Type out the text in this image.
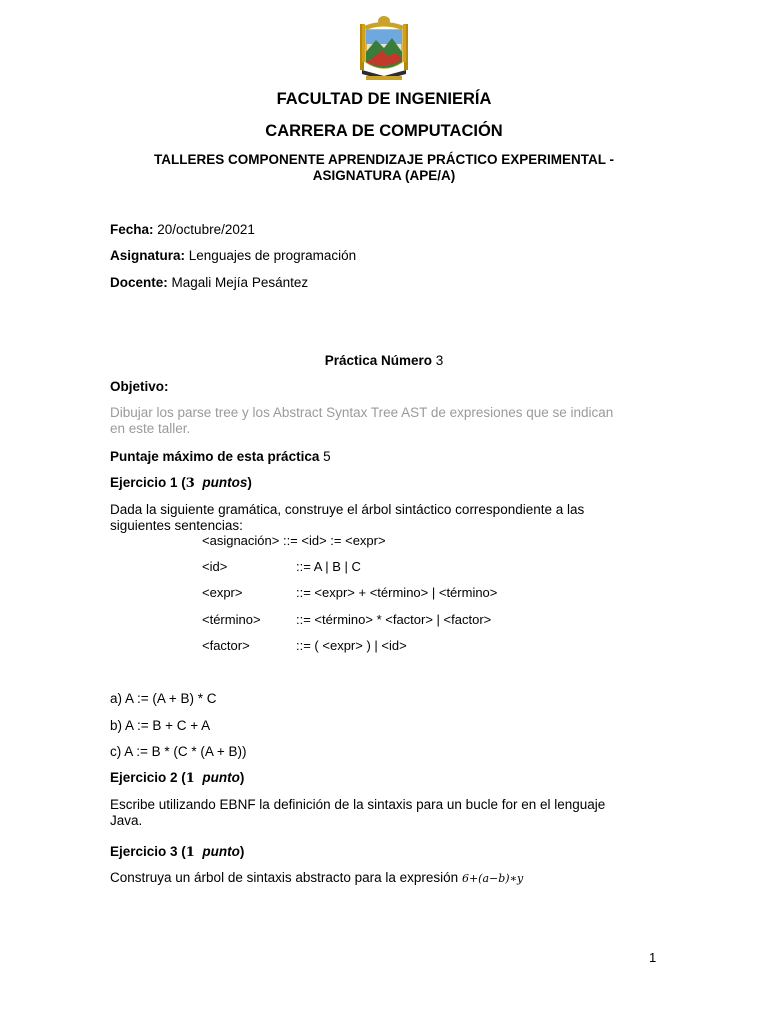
FACULTAD DE INGENIERÍA
CARRERA DE COMPUTACIÓN
TALLERES COMPONENTE APRENDIZAJE PRÁCTICO EXPERIMENTAL -
ASIGNATURA (APE/A)
Fecha: 20/octubre/2021
Asignatura: Lenguajes de programación
Docente: Magali Mejía Pesántez
Práctica Número 3
Objetivo:
Dibujar los parse tree y los Abstract Syntax Tree AST de expresiones que se indican
en este taller.
Puntaje máximo de esta práctica 5
Ejercicio 1 (3 puntos)
Dada la siguiente gramática, construye el árbol sintáctico correspondiente a las
siguientes sentencias:
<asignación> ::= <id> := <expr>
<id>	::= A | B | C
<expr>	::= <expr> + <término> | <término>
<término>	::= <término> * <factor> | <factor>
<factor>	::= ( <expr> ) | <id>
a) A := (A + B) * C
b) A := B + C + A
c) A := B * (C * (A + B))
Ejercicio 2 (1 punto)
Escribe utilizando EBNF la definición de la sintaxis para un bucle for en el lenguaje
Java.
Ejercicio 3 (1 punto)
Construya un árbol de sintaxis abstracto para la expresión 6+(a−b)∗y
1
